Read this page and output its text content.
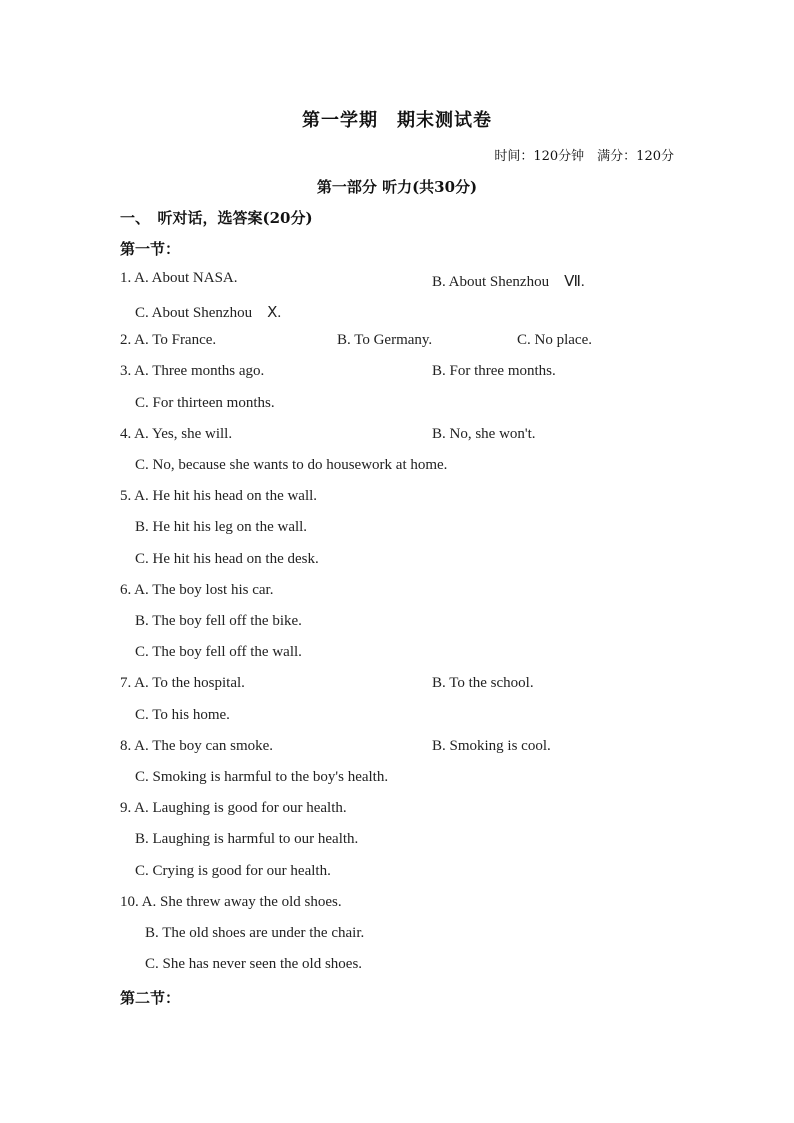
第一学期　期末测试卷
时间：120分钟　满分：120分
第一部分 听力(共30分)
一、　听对话，选答案(20分)
第一节：
1. A. About NASA.	B. About Shenzhou　Ⅶ.
C. About Shenzhou　Ⅹ.
2. A. To France.	B. To Germany.	C. No place.
3. A. Three months ago.	B. For three months.
C. For thirteen months.
4. A. Yes, she will.	B. No, she won't.
C. No, because she wants to do housework at home.
5. A. He hit his head on the wall.
B. He hit his leg on the wall.
C. He hit his head on the desk.
6. A. The boy lost his car.
B. The boy fell off the bike.
C. The boy fell off the wall.
7. A. To the hospital.	B. To the school.
C. To his home.
8. A. The boy can smoke.	B. Smoking is cool.
C. Smoking is harmful to the boy's health.
9. A. Laughing is good for our health.
B. Laughing is harmful to our health.
C. Crying is good for our health.
10. A. She threw away the old shoes.
B. The old shoes are under the chair.
C. She has never seen the old shoes.
第二节：
